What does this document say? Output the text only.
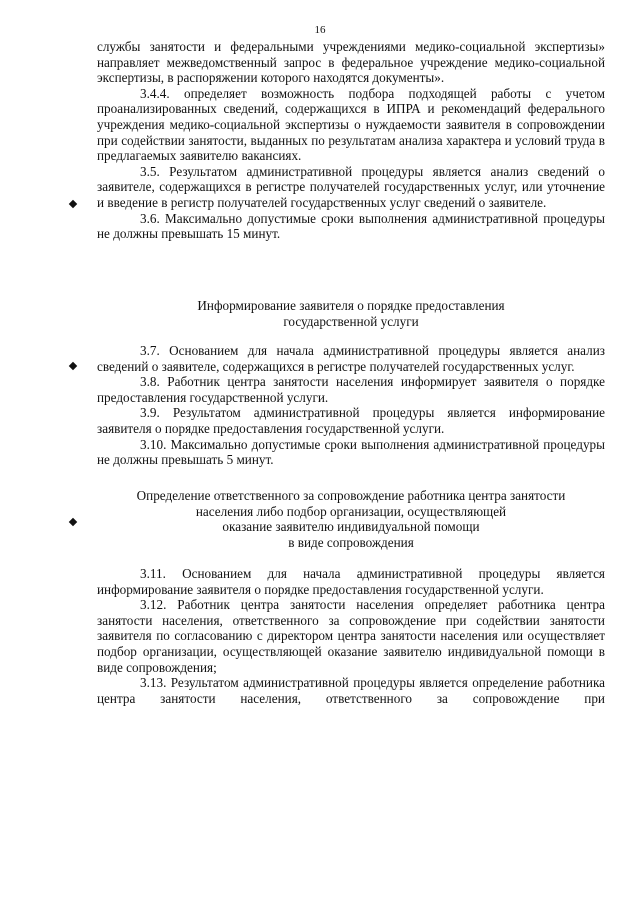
16

службы занятости и федеральными учреждениями медико-социальной экспертизы» направляет межведомственный запрос в федеральное учреждение медико-социальной экспертизы, в распоряжении которого находятся документы».

3.4.4. определяет возможность подбора подходящей работы с учетом проанализированных сведений, содержащихся в ИПРА и рекомендаций федерального учреждения медико-социальной экспертизы о нуждаемости заявителя в сопровождении при содействии занятости, выданных по результатам анализа характера и условий труда в предлагаемых заявителю вакансиях.

3.5. Результатом административной процедуры является анализ сведений о заявителе, содержащихся в регистре получателей государственных услуг, или уточнение и введение в регистр получателей государственных услуг сведений о заявителе.

3.6. Максимально допустимые сроки выполнения административной процедуры не должны превышать 15 минут.

Информирование заявителя о порядке предоставления
государственной услуги

3.7. Основанием для начала административной процедуры является анализ сведений о заявителе, содержащихся в регистре получателей государственных услуг.

3.8. Работник центра занятости населения информирует заявителя о порядке предоставления государственной услуги.

3.9. Результатом административной процедуры является информирование заявителя о порядке предоставления государственной услуги.

3.10. Максимально допустимые сроки выполнения административной процедуры не должны превышать 5 минут.

Определение ответственного за сопровождение работника центра занятости
населения либо подбор организации, осуществляющей
оказание заявителю индивидуальной помощи
в виде сопровождения

3.11. Основанием для начала административной процедуры является информирование заявителя о порядке предоставления государственной услуги.

3.12. Работник центра занятости населения определяет работника центра занятости населения, ответственного за сопровождение при содействии занятости заявителя по согласованию с директором центра занятости населения или осуществляет подбор организации, осуществляющей оказание заявителю индивидуальной помощи в виде сопровождения;

3.13. Результатом административной процедуры является определение работника центра занятости населения, ответственного за сопровождение при
